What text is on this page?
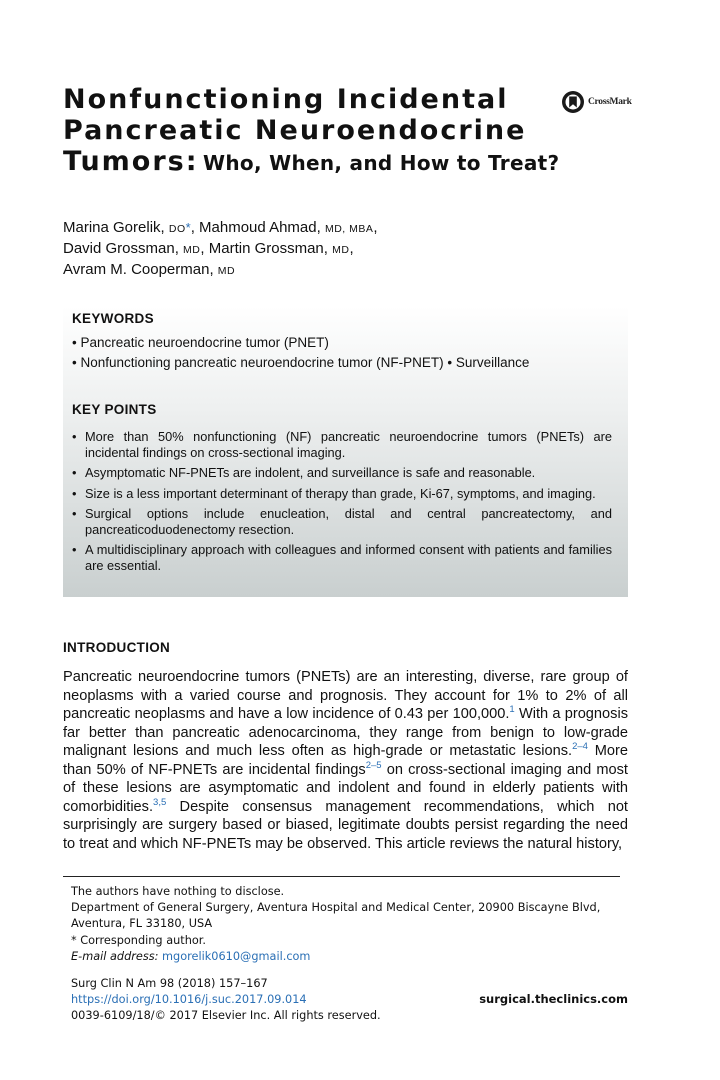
Nonfunctioning Incidental
Pancreatic Neuroendocrine
Tumors: Who, When, and How to Treat?
CrossMark
Marina Gorelik, DO*, Mahmoud Ahmad, MD, MBA,
David Grossman, MD, Martin Grossman, MD,
Avram M. Cooperman, MD
KEYWORDS
• Pancreatic neuroendocrine tumor (PNET)
• Nonfunctioning pancreatic neuroendocrine tumor (NF-PNET) • Surveillance
KEY POINTS
• More than 50% nonfunctioning (NF) pancreatic neuroendocrine tumors (PNETs) are incidental findings on cross-sectional imaging.
• Asymptomatic NF-PNETs are indolent, and surveillance is safe and reasonable.
• Size is a less important determinant of therapy than grade, Ki-67, symptoms, and imaging.
• Surgical options include enucleation, distal and central pancreatectomy, and pancreaticoduodenectomy resection.
• A multidisciplinary approach with colleagues and informed consent with patients and families are essential.
INTRODUCTION

Pancreatic neuroendocrine tumors (PNETs) are an interesting, diverse, rare group of neoplasms with a varied course and prognosis. They account for 1% to 2% of all pancreatic neoplasms and have a low incidence of 0.43 per 100,000.$^1$ With a prognosis far better than pancreatic adenocarcinoma, they range from benign to low-grade malignant lesions and much less often as high-grade or metastatic lesions.$^{2-4}$ More than 50% of NF-PNETs are incidental findings$^{2-5}$ on cross-sectional imaging and most of these lesions are asymptomatic and indolent and found in elderly patients with comorbidities.$^{3,5}$ Despite consensus management recommendations, which not surprisingly are surgery based or biased, legitimate doubts persist regarding the need to treat and which NF-PNETs may be observed. This article reviews the natural history,

The authors have nothing to disclose.

Department of General Surgery, Aventura Hospital and Medical Center, 20900 Biscayne Blvd, Aventura, FL 33180, USA

* Corresponding author.

E-mail address: mgorelik0610@gmail.com

Surg Clin N Am 98 (2018) 157–167

https://doi.org/10.1016/j.suc.2017.09.014

0039-6109/18/© 2017 Elsevier Inc. All rights reserved.

surgical.theclinics.com
